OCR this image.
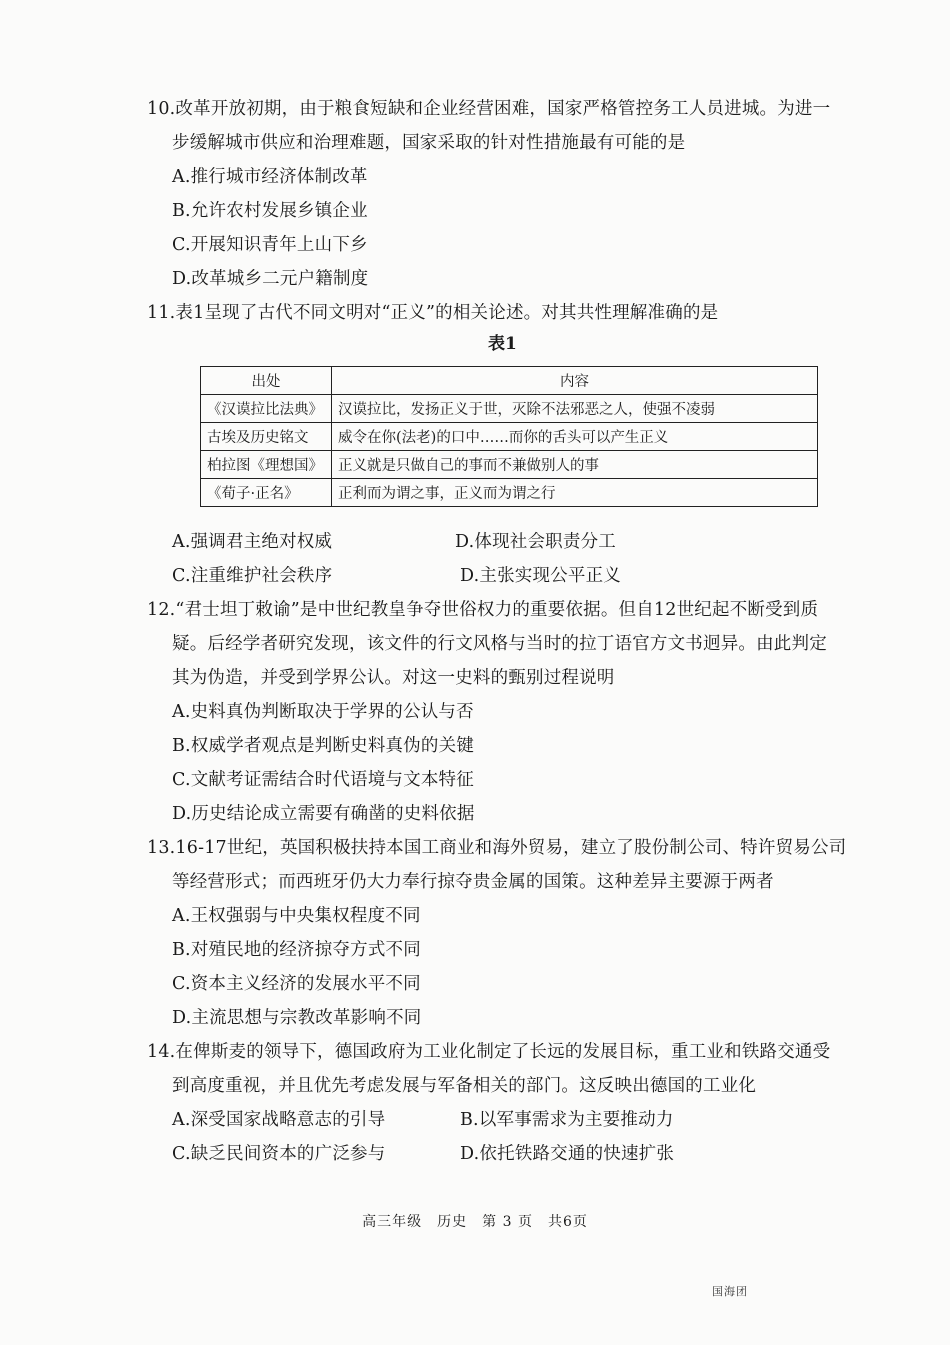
10.改革开放初期，由于粮食短缺和企业经营困难，国家严格管控务工人员进城。为进一
步缓解城市供应和治理难题，国家采取的针对性措施最有可能的是
A.推行城市经济体制改革
B.允许农村发展乡镇企业
C.开展知识青年上山下乡
D.改革城乡二元户籍制度
11.表1呈现了古代不同文明对“正义”的相关论述。对其共性理解准确的是
表1
出处	内容
《汉谟拉比法典》	汉谟拉比，发扬正义于世，灭除不法邪恶之人，使强不凌弱
古埃及历史铭文	威令在你(法老)的口中……而你的舌头可以产生正义
柏拉图《理想国》	正义就是只做自己的事而不兼做别人的事
《荀子·正名》	正利而为谓之事，正义而为谓之行
A.强调君主绝对权威	D.体现社会职责分工
C.注重维护社会秩序	D.主张实现公平正义
12.“君士坦丁敕谕”是中世纪教皇争夺世俗权力的重要依据。但自12世纪起不断受到质
疑。后经学者研究发现，该文件的行文风格与当时的拉丁语官方文书迥异。由此判定
其为伪造，并受到学界公认。对这一史料的甄别过程说明
A.史料真伪判断取决于学界的公认与否
B.权威学者观点是判断史料真伪的关键
C.文献考证需结合时代语境与文本特征
D.历史结论成立需要有确凿的史料依据
13.16-17世纪，英国积极扶持本国工商业和海外贸易，建立了股份制公司、特许贸易公司
等经营形式；而西班牙仍大力奉行掠夺贵金属的国策。这种差异主要源于两者
A.王权强弱与中央集权程度不同
B.对殖民地的经济掠夺方式不同
C.资本主义经济的发展水平不同
D.主流思想与宗教改革影响不同
14.在俾斯麦的领导下，德国政府为工业化制定了长远的发展目标，重工业和铁路交通受
到高度重视，并且优先考虑发展与军备相关的部门。这反映出德国的工业化
A.深受国家战略意志的引导	B.以军事需求为主要推动力
C.缺乏民间资本的广泛参与	D.依托铁路交通的快速扩张
高三年级　历史　第 3 页　共6页
国海团
